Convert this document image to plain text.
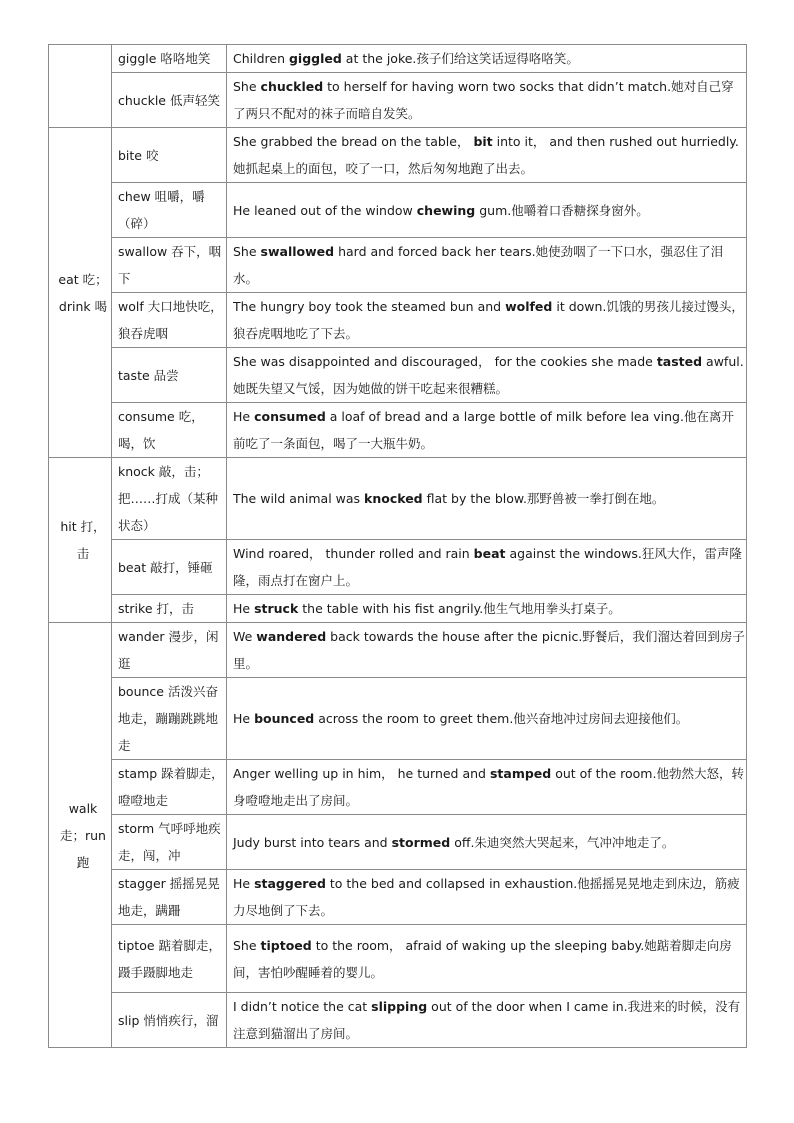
	giggle 咯咯地笑	Children giggled at the joke.孩子们给这笑话逗得咯咯笑。
	chuckle 低声轻笑	She chuckled to herself for having worn two socks that didn’t match.她对自己穿了两只不配对的袜子而暗自发笑。
eat 吃；drink 喝	bite 咬	She grabbed the bread on the table， bit into it， and then rushed out hurriedly.她抓起桌上的面包，咬了一口，然后匆匆地跑了出去。
	chew 咀嚼，嚼（碎）	He leaned out of the window chewing gum.他嚼着口香糖探身窗外。
	swallow 吞下，咽下	She swallowed hard and forced back her tears.她使劲咽了一下口水，强忍住了泪水。
	wolf 大口地快吃，狼吞虎咽	The hungry boy took the steamed bun and wolfed it down.饥饿的男孩儿接过馒头，狼吞虎咽地吃了下去。
	taste 品尝	She was disappointed and discouraged， for the cookies she made tasted awful.她既失望又气馁，因为她做的饼干吃起来很糟糕。
	consume 吃，喝，饮	He consumed a loaf of bread and a large bottle of milk before lea ving.他在离开前吃了一条面包，喝了一大瓶牛奶。
hit 打，击	knock 敲，击；把……打成（某种状态）	The wild animal was knocked flat by the blow.那野兽被一拳打倒在地。
	beat 敲打，锤砸	Wind roared， thunder rolled and rain beat against the windows.狂风大作，雷声隆隆，雨点打在窗户上。
	strike 打，击	He struck the table with his fist angrily.他生气地用拳头打桌子。
walk 走；run 跑	wander 漫步，闲逛	We wandered back towards the house after the picnic.野餐后，我们溜达着回到房子里。
	bounce 活泼兴奋地走，蹦蹦跳跳地走	He bounced across the room to greet them.他兴奋地冲过房间去迎接他们。
	stamp 跺着脚走，噔噔地走	Anger welling up in him， he turned and stamped out of the room.他勃然大怒，转身噔噔地走出了房间。
	storm 气呼呼地疾走，闯，冲	Judy burst into tears and stormed off.朱迪突然大哭起来，气冲冲地走了。
	stagger 摇摇晃晃地走，蹒跚	He staggered to the bed and collapsed in exhaustion.他摇摇晃晃地走到床边，筋疲力尽地倒了下去。
	tiptoe 踮着脚走，蹑手蹑脚地走	She tiptoed to the room， afraid of waking up the sleeping baby.她踮着脚走向房间，害怕吵醒睡着的婴儿。
	slip 悄悄疾行，溜	I didn’t notice the cat slipping out of the door when I came in.我进来的时候，没有注意到猫溜出了房间。
